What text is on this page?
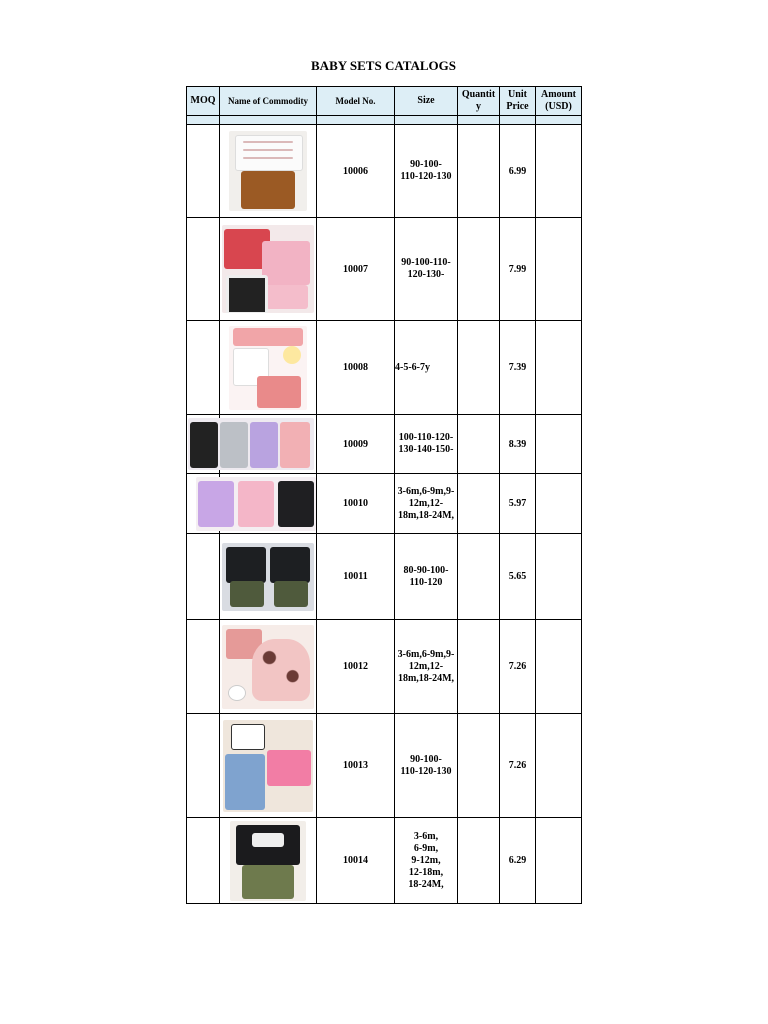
BABY SETS CATALOGS
MOQ	Name of Commodity	Model No.	Size	Quantit
y	Unit Price	Amount (USD)

	10006	90-100-
110-120-130		6.99	

	10007	90-100-110-
120-130-		7.99	

	10008	4-5-6-7y		7.39	

	10009	100-110-120-
130-140-150-		8.39	

	10010	3-6m,6-9m,9-
12m,12-
18m,18-24M,		5.97	

	10011	80-90-100-
110-120		5.65	

	10012	3-6m,6-9m,9-
12m,12-
18m,18-24M,		7.26	

	10013	90-100-
110-120-130		7.26	

	10014	3-6m,
6-9m,
9-12m,
12-18m,
18-24M,		6.29	
